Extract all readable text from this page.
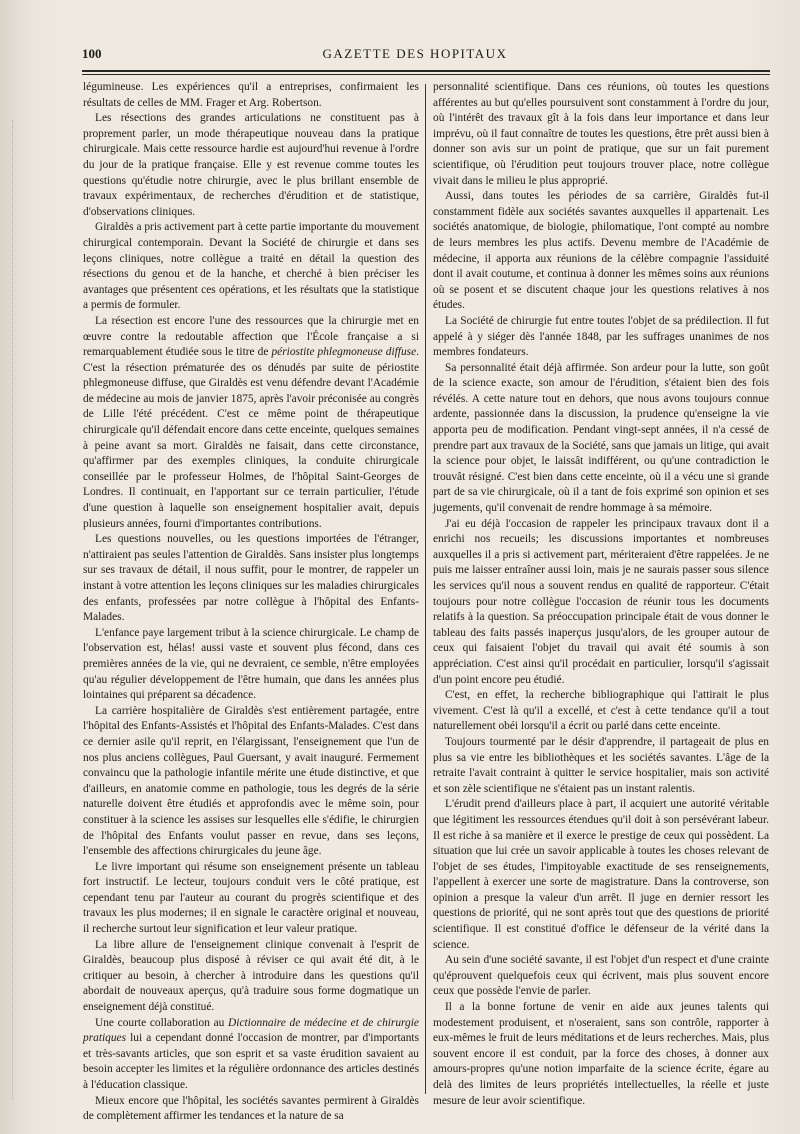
100	GAZETTE DES HOPITAUX

légumineuse. Les expériences qu'il a entreprises, confirmaient les résultats de celles de MM. Frager et Arg. Robertson.

Les résections des grandes articulations ne constituent pas à proprement parler, un mode thérapeutique nouveau dans la pratique chirurgicale. Mais cette ressource hardie est aujourd'hui revenue à l'ordre du jour de la pratique française. Elle y est revenue comme toutes les questions qu'étudie notre chirurgie, avec le plus brillant ensemble de travaux expérimentaux, de recherches d'érudition et de statistique, d'observations cliniques.

Giraldès a pris activement part à cette partie importante du mouvement chirurgical contemporain. Devant la Société de chirurgie et dans ses leçons cliniques, notre collègue a traité en détail la question des résections du genou et de la hanche, et cherché à bien préciser les avantages que présentent ces opérations, et les résultats que la statistique a permis de formuler.

La résection est encore l'une des ressources que la chirurgie met en œuvre contre la redoutable affection que l'École française a si remarquablement étudiée sous le titre de périostite phlegmoneuse diffuse. C'est la résection prématurée des os dénudés par suite de périostite phlegmoneuse diffuse, que Giraldès est venu défendre devant l'Académie de médecine au mois de janvier 1875, après l'avoir préconisée au congrès de Lille l'été précédent. C'est ce même point de thérapeutique chirurgicale qu'il défendait encore dans cette enceinte, quelques semaines à peine avant sa mort. Giraldès ne faisait, dans cette circonstance, qu'affirmer par des exemples cliniques, la conduite chirurgicale conseillée par le professeur Holmes, de l'hôpital Saint-Georges de Londres. Il continuait, en l'apportant sur ce terrain particulier, l'étude d'une question à laquelle son enseignement hospitalier avait, depuis plusieurs années, fourni d'importantes contributions.

Les questions nouvelles, ou les questions importées de l'étranger, n'attiraient pas seules l'attention de Giraldès. Sans insister plus longtemps sur ses travaux de détail, il nous suffit, pour le montrer, de rappeler un instant à votre attention les leçons cliniques sur les maladies chirurgicales des enfants, professées par notre collègue à l'hôpital des Enfants-Malades.

L'enfance paye largement tribut à la science chirurgicale. Le champ de l'observation est, hélas! aussi vaste et souvent plus fécond, dans ces premières années de la vie, qui ne devraient, ce semble, n'être employées qu'au régulier développement de l'être humain, que dans les années plus lointaines qui préparent sa décadence.

La carrière hospitalière de Giraldès s'est entièrement partagée, entre l'hôpital des Enfants-Assistés et l'hôpital des Enfants-Malades. C'est dans ce dernier asile qu'il reprit, en l'élargissant, l'enseignement que l'un de nos plus anciens collègues, Paul Guersant, y avait inauguré. Fermement convaincu que la pathologie infantile mérite une étude distinctive, et que d'ailleurs, en anatomie comme en pathologie, tous les degrés de la série naturelle doivent être étudiés et approfondis avec le même soin, pour constituer à la science les assises sur lesquelles elle s'édifie, le chirurgien de l'hôpital des Enfants voulut passer en revue, dans ses leçons, l'ensemble des affections chirurgicales du jeune âge.

Le livre important qui résume son enseignement présente un tableau fort instructif. Le lecteur, toujours conduit vers le côté pratique, est cependant tenu par l'auteur au courant du progrès scientifique et des travaux les plus modernes; il en signale le caractère original et nouveau, il recherche surtout leur signification et leur valeur pratique.

La libre allure de l'enseignement clinique convenait à l'esprit de Giraldès, beaucoup plus disposé à réviser ce qui avait été dit, à le critiquer au besoin, à chercher à introduire dans les questions qu'il abordait de nouveaux aperçus, qu'à traduire sous forme dogmatique un enseignement déjà constitué.

Une courte collaboration au Dictionnaire de médecine et de chirurgie pratiques lui a cependant donné l'occasion de montrer, par d'importants et très-savants articles, que son esprit et sa vaste érudition savaient au besoin accepter les limites et la régulière ordonnance des articles destinés à l'éducation classique.

Mieux encore que l'hôpital, les sociétés savantes permirent à Giraldès de complètement affirmer les tendances et la nature de sa

personnalité scientifique. Dans ces réunions, où toutes les questions afférentes au but qu'elles poursuivent sont constamment à l'ordre du jour, où l'intérêt des travaux gît à la fois dans leur importance et dans leur imprévu, où il faut connaître de toutes les questions, être prêt aussi bien à donner son avis sur un point de pratique, que sur un fait purement scientifique, où l'érudition peut toujours trouver place, notre collègue vivait dans le milieu le plus approprié.

Aussi, dans toutes les périodes de sa carrière, Giraldès fut-il constamment fidèle aux sociétés savantes auxquelles il appartenait. Les sociétés anatomique, de biologie, philomatique, l'ont compté au nombre de leurs membres les plus actifs. Devenu membre de l'Académie de médecine, il apporta aux réunions de la célèbre compagnie l'assiduité dont il avait coutume, et continua à donner les mêmes soins aux réunions où se posent et se discutent chaque jour les questions relatives à nos études.

La Société de chirurgie fut entre toutes l'objet de sa prédilection. Il fut appelé à y siéger dès l'année 1848, par les suffrages unanimes de nos membres fondateurs.

Sa personnalité était déjà affirmée. Son ardeur pour la lutte, son goût de la science exacte, son amour de l'érudition, s'étaient bien des fois révélés. A cette nature tout en dehors, que nous avons toujours connue ardente, passionnée dans la discussion, la prudence qu'enseigne la vie apporta peu de modification. Pendant vingt-sept années, il n'a cessé de prendre part aux travaux de la Société, sans que jamais un litige, qui avait la science pour objet, le laissât indifférent, ou qu'une contradiction le trouvât résigné. C'est bien dans cette enceinte, où il a vécu une si grande part de sa vie chirurgicale, où il a tant de fois exprimé son opinion et ses jugements, qu'il convenait de rendre hommage à sa mémoire.

J'ai eu déjà l'occasion de rappeler les principaux travaux dont il a enrichi nos recueils; les discussions importantes et nombreuses auxquelles il a pris si activement part, mériteraient d'être rappelées. Je ne puis me laisser entraîner aussi loin, mais je ne saurais passer sous silence les services qu'il nous a souvent rendus en qualité de rapporteur. C'était toujours pour notre collègue l'occasion de réunir tous les documents relatifs à la question. Sa préoccupation principale était de vous donner le tableau des faits passés inaperçus jusqu'alors, de les grouper autour de ceux qui faisaient l'objet du travail qui avait été soumis à son appréciation. C'est ainsi qu'il procédait en particulier, lorsqu'il s'agissait d'un point encore peu étudié.

C'est, en effet, la recherche bibliographique qui l'attirait le plus vivement. C'est là qu'il a excellé, et c'est à cette tendance qu'il a tout naturellement obéi lorsqu'il a écrit ou parlé dans cette enceinte.

Toujours tourmenté par le désir d'apprendre, il partageait de plus en plus sa vie entre les bibliothèques et les sociétés savantes. L'âge de la retraite l'avait contraint à quitter le service hospitalier, mais son activité et son zèle scientifique ne s'étaient pas un instant ralentis.

L'érudit prend d'ailleurs place à part, il acquiert une autorité véritable que légitiment les ressources étendues qu'il doit à son persévérant labeur. Il est riche à sa manière et il exerce le prestige de ceux qui possèdent. La situation que lui crée un savoir applicable à toutes les choses relevant de l'objet de ses études, l'impitoyable exactitude de ses renseignements, l'appellent à exercer une sorte de magistrature. Dans la controverse, son opinion a presque la valeur d'un arrêt. Il juge en dernier ressort les questions de priorité, qui ne sont après tout que des questions de priorité scientifique. Il est constitué d'office le défenseur de la vérité dans la science.

Au sein d'une société savante, il est l'objet d'un respect et d'une crainte qu'éprouvent quelquefois ceux qui écrivent, mais plus souvent encore ceux que possède l'envie de parler.

Il a la bonne fortune de venir en aide aux jeunes talents qui modestement produisent, et n'oseraient, sans son contrôle, rapporter à eux-mêmes le fruit de leurs méditations et de leurs recherches. Mais, plus souvent encore il est conduit, par la force des choses, à donner aux amours-propres qu'une notion imparfaite de la science écrite, égare au delà des limites de leurs propriétés intellectuelles, la réelle et juste mesure de leur avoir scientifique.
